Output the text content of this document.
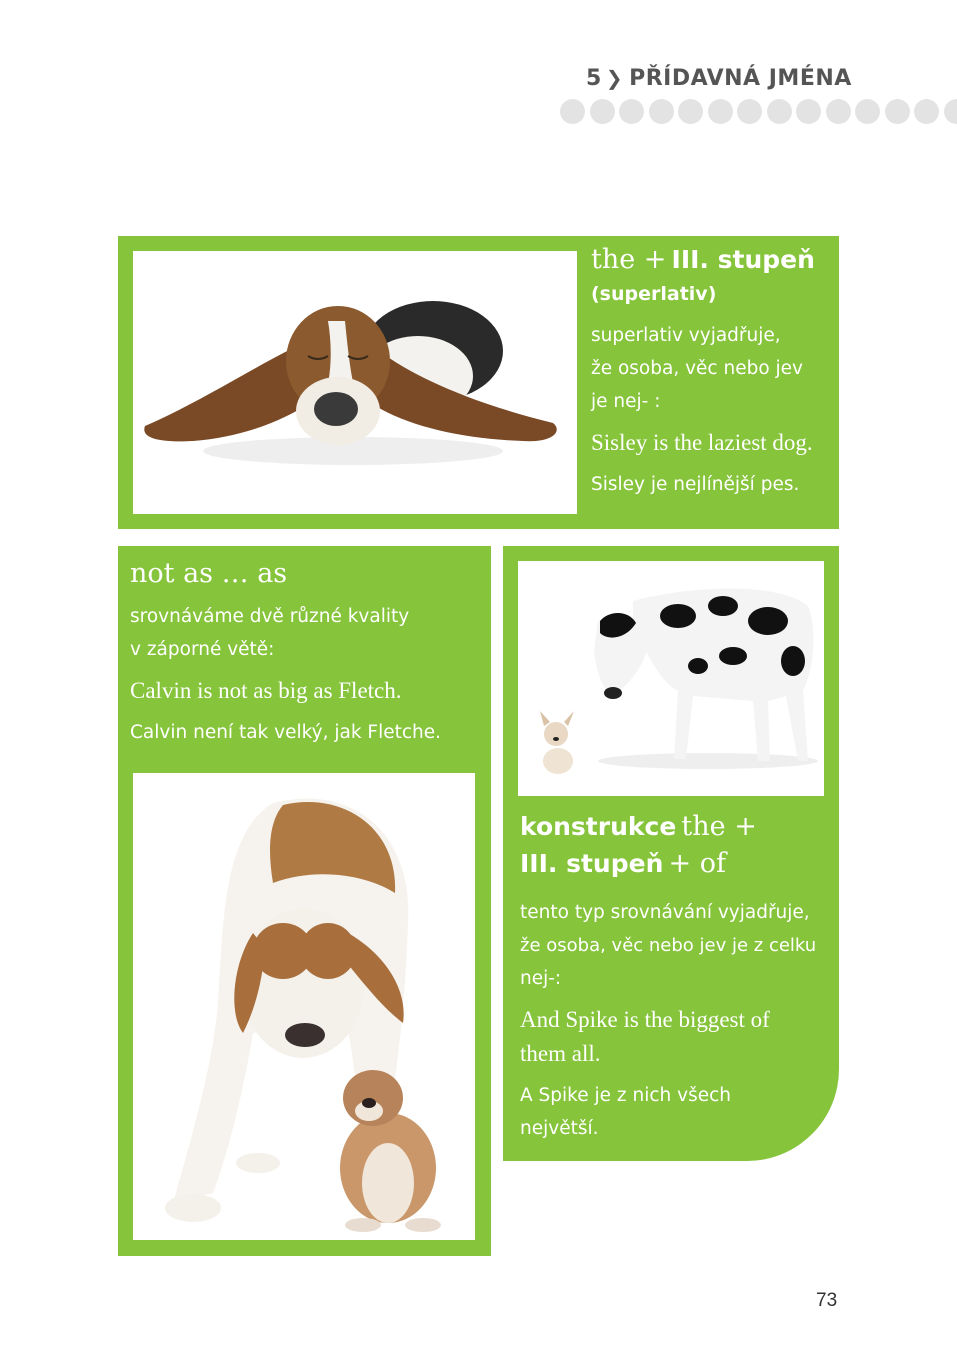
5 ❯ PŘÍDAVNÁ JMÉNA
the + III. stupeň
(superlativ)
superlativ vyjadřuje,
že osoba, věc nebo jev
je nej- :
Sisley is the laziest dog.
Sisley je nejlínější pes.
not as … as
srovnáváme dvě různé kvality
v záporné větě:
Calvin is not as big as Fletch.
Calvin není tak velký, jak Fletche.
konstrukce the +
III. stupeň + of
tento typ srovnávání vyjadřuje,
že osoba, věc nebo jev je z celku
nej-:
And Spike is the biggest of
them all.
A Spike je z nich všech
největší.
73
